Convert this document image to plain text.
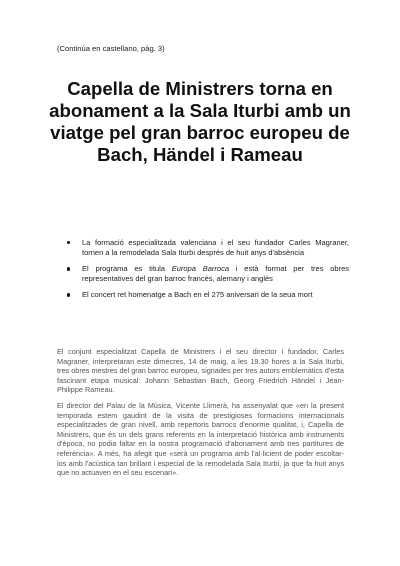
(Continúa en castellano, pàg. 3)
Capella de Ministrers torna en abonament a la Sala Iturbi amb un viatge pel gran barroc europeu de Bach, Händel i Rameau
La formació especialitzada valenciana i el seu fundador Carles Magraner, tornen a la remodelada Sala Iturbi després de huit anys d'absència
El programa es titula Europa Barroca i està format per tres obres representatives del gran barroc francès, alemany i anglès
El concert ret homenatge a Bach en el 275 aniversari de la seua mort

El conjunt especialitzat Capella de Ministrers i el seu director i fundador, Carles Magraner, interpretaran este dimecres, 14 de maig, a les 19.30 hores a la Sala Iturbi, tres obres mestres del gran barroc europeu, signades per tres autors emblemàtics d'esta fascinant etapa musical: Johann Sebastian Bach, Georg Friedrich Händel i Jean-Philippe Rameau.

El director del Palau de la Música, Vicente Llimerà, ha assenyalat que «en la present temporada estem gaudint de la visita de prestigioses formacions internacionals especialitzades de gran nivell, amb repertoris barrocs d'enorme qualitat, i, Capella de Ministrers, que és un dels grans referents en la interpretació històrica amb instruments d'època, no podia faltar en la nostra programació d'abonament amb tres partitures de referència». A més, ha afegit que «serà un programa amb l'al·licient de poder escoltar-los amb l'acústica tan brillant i especial de la remodelada Sala Iturbi, ja que fa huit anys que no actuaven en el seu escenari».
